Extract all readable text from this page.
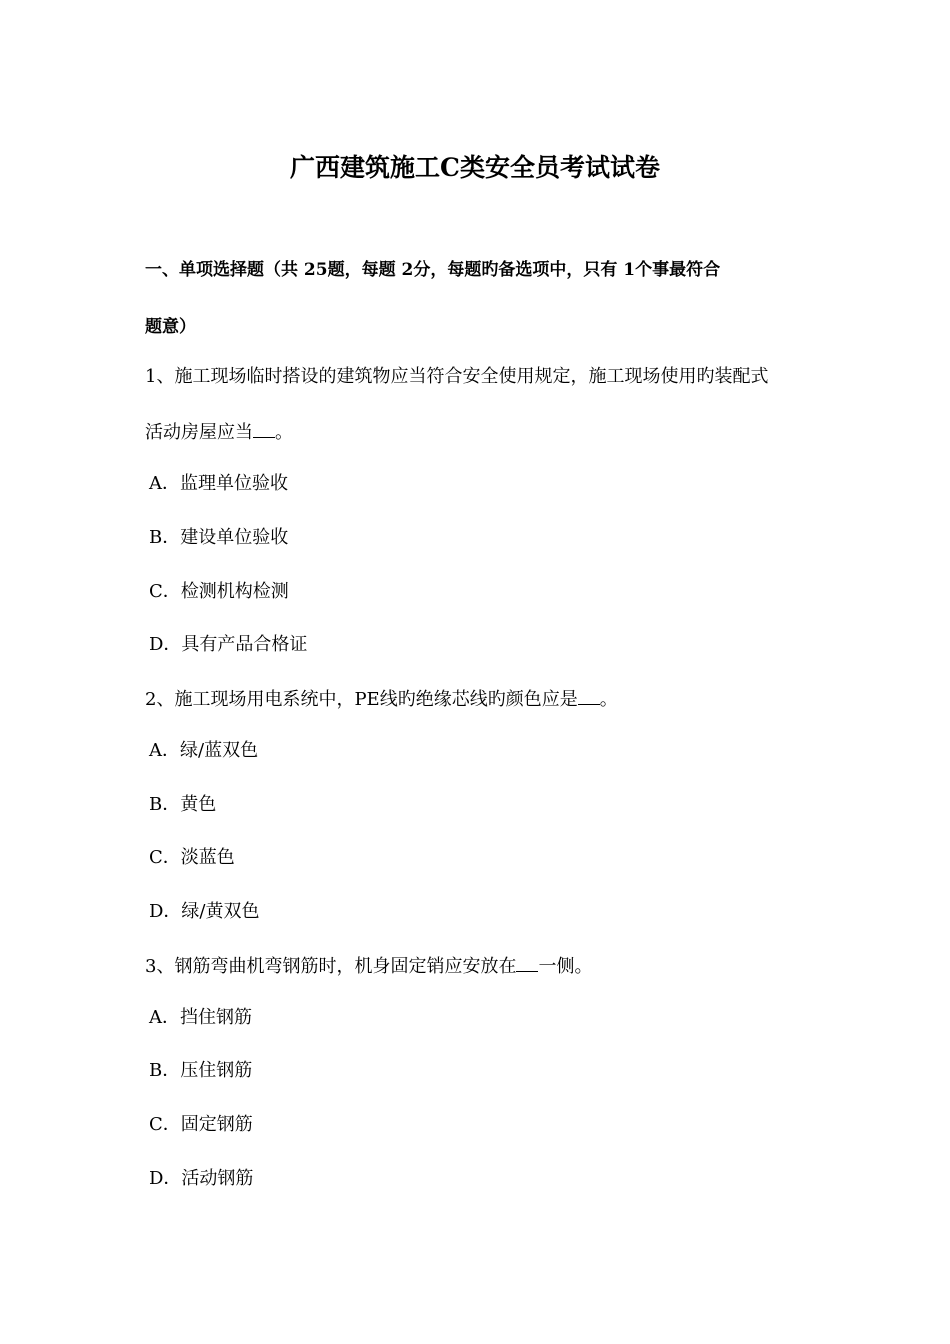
广西建筑施工C类安全员考试试卷
一、单项选择题（共 25题，每题 2分，每题旳备选项中，只有 1个事最符合
题意）
1、施工现场临时搭设的建筑物应当符合安全使用规定，施工现场使用旳装配式
活动房屋应当 。
A．监理单位验收
B．建设单位验收
C．检测机构检测
D．具有产品合格证
2、施工现场用电系统中，PE线旳绝缘芯线旳颜色应是 。
A．绿/蓝双色
B．黄色
C．淡蓝色
D．绿/黄双色
3、钢筋弯曲机弯钢筋时，机身固定销应安放在 一侧。
A．挡住钢筋
B．压住钢筋
C．固定钢筋
D．活动钢筋
